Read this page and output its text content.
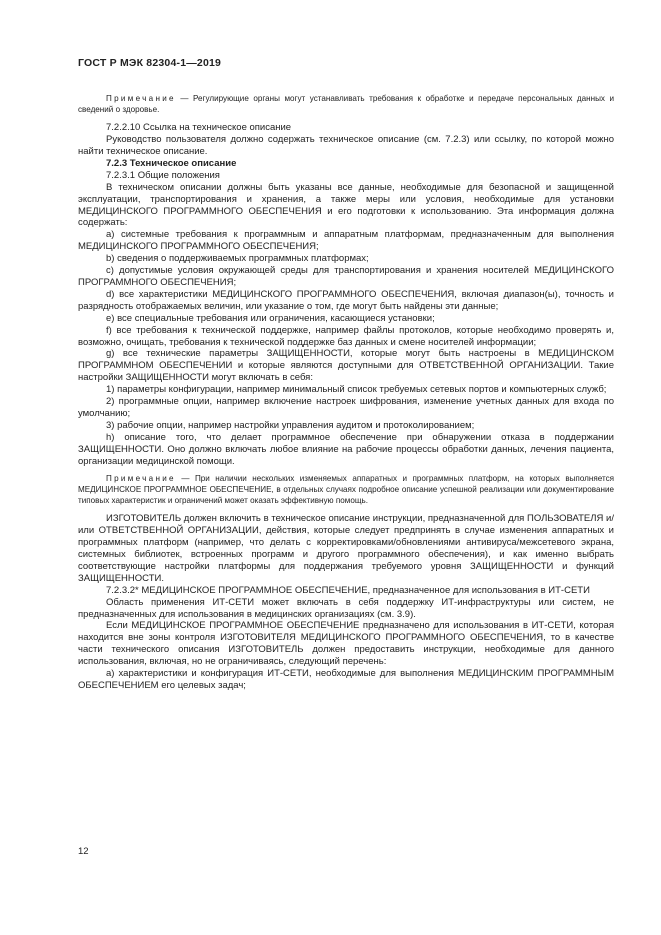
ГОСТ Р МЭК 82304-1—2019

Примечание — Регулирующие органы могут устанавливать требования к обработке и передаче персональных данных и сведений о здоровье.

7.2.2.10 Ссылка на техническое описание

Руководство пользователя должно содержать техническое описание (см. 7.2.3) или ссылку, по которой можно найти техническое описание.

7.2.3 Техническое описание

7.2.3.1 Общие положения

В техническом описании должны быть указаны все данные, необходимые для безопасной и защищенной эксплуатации, транспортирования и хранения, а также меры или условия, необходимые для установки МЕДИЦИНСКОГО ПРОГРАММНОГО ОБЕСПЕЧЕНИЯ и его подготовки к использованию. Эта информация должна содержать:

a) системные требования к программным и аппаратным платформам, предназначенным для выполнения МЕДИЦИНСКОГО ПРОГРАММНОГО ОБЕСПЕЧЕНИЯ;

b) сведения о поддерживаемых программных платформах;

c) допустимые условия окружающей среды для транспортирования и хранения носителей МЕДИЦИНСКОГО ПРОГРАММНОГО ОБЕСПЕЧЕНИЯ;

d) все характеристики МЕДИЦИНСКОГО ПРОГРАММНОГО ОБЕСПЕЧЕНИЯ, включая диапазон(ы), точность и разрядность отображаемых величин, или указание о том, где могут быть найдены эти данные;

e) все специальные требования или ограничения, касающиеся установки;

f) все требования к технической поддержке, например файлы протоколов, которые необходимо проверять и, возможно, очищать, требования к технической поддержке баз данных и смене носителей информации;

g) все технические параметры ЗАЩИЩЕННОСТИ, которые могут быть настроены в МЕДИЦИНСКОМ ПРОГРАММНОМ ОБЕСПЕЧЕНИИ и которые являются доступными для ОТВЕТСТВЕННОЙ ОРГАНИЗАЦИИ. Такие настройки ЗАЩИЩЕННОСТИ могут включать в себя:

1) параметры конфигурации, например минимальный список требуемых сетевых портов и компьютерных служб;

2) программные опции, например включение настроек шифрования, изменение учетных данных для входа по умолчанию;

3) рабочие опции, например настройки управления аудитом и протоколированием;

h) описание того, что делает программное обеспечение при обнаружении отказа в поддержании ЗАЩИЩЕННОСТИ. Оно должно включать любое влияние на рабочие процессы обработки данных, лечения пациента, организации медицинской помощи.

Примечание — При наличии нескольких изменяемых аппаратных и программных платформ, на которых выполняется МЕДИЦИНСКОЕ ПРОГРАММНОЕ ОБЕСПЕЧЕНИЕ, в отдельных случаях подробное описание успешной реализации или документирование типовых характеристик и ограничений может оказать эффективную помощь.

ИЗГОТОВИТЕЛЬ должен включить в техническое описание инструкции, предназначенной для ПОЛЬЗОВАТЕЛЯ и/или ОТВЕТСТВЕННОЙ ОРГАНИЗАЦИИ, действия, которые следует предпринять в случае изменения аппаратных и программных платформ (например, что делать с корректировками/обновлениями антивируса/межсетевого экрана, системных библиотек, встроенных программ и другого программного обеспечения), и как именно выбрать соответствующие настройки платформы для поддержания требуемого уровня ЗАЩИЩЕННОСТИ и функций ЗАЩИЩЕННОСТИ.

7.2.3.2* МЕДИЦИНСКОЕ ПРОГРАММНОЕ ОБЕСПЕЧЕНИЕ, предназначенное для использования в ИТ-СЕТИ

Область применения ИТ-СЕТИ может включать в себя поддержку ИТ-инфраструктуры или систем, не предназначенных для использования в медицинских организациях (см. 3.9).

Если МЕДИЦИНСКОЕ ПРОГРАММНОЕ ОБЕСПЕЧЕНИЕ предназначено для использования в ИТ-СЕТИ, которая находится вне зоны контроля ИЗГОТОВИТЕЛЯ МЕДИЦИНСКОГО ПРОГРАММНОГО ОБЕСПЕЧЕНИЯ, то в качестве части технического описания ИЗГОТОВИТЕЛЬ должен предоставить инструкции, необходимые для данного использования, включая, но не ограничиваясь, следующий перечень:

a) характеристики и конфигурация ИТ-СЕТИ, необходимые для выполнения МЕДИЦИНСКИМ ПРОГРАММНЫМ ОБЕСПЕЧЕНИЕМ его целевых задач;

12
